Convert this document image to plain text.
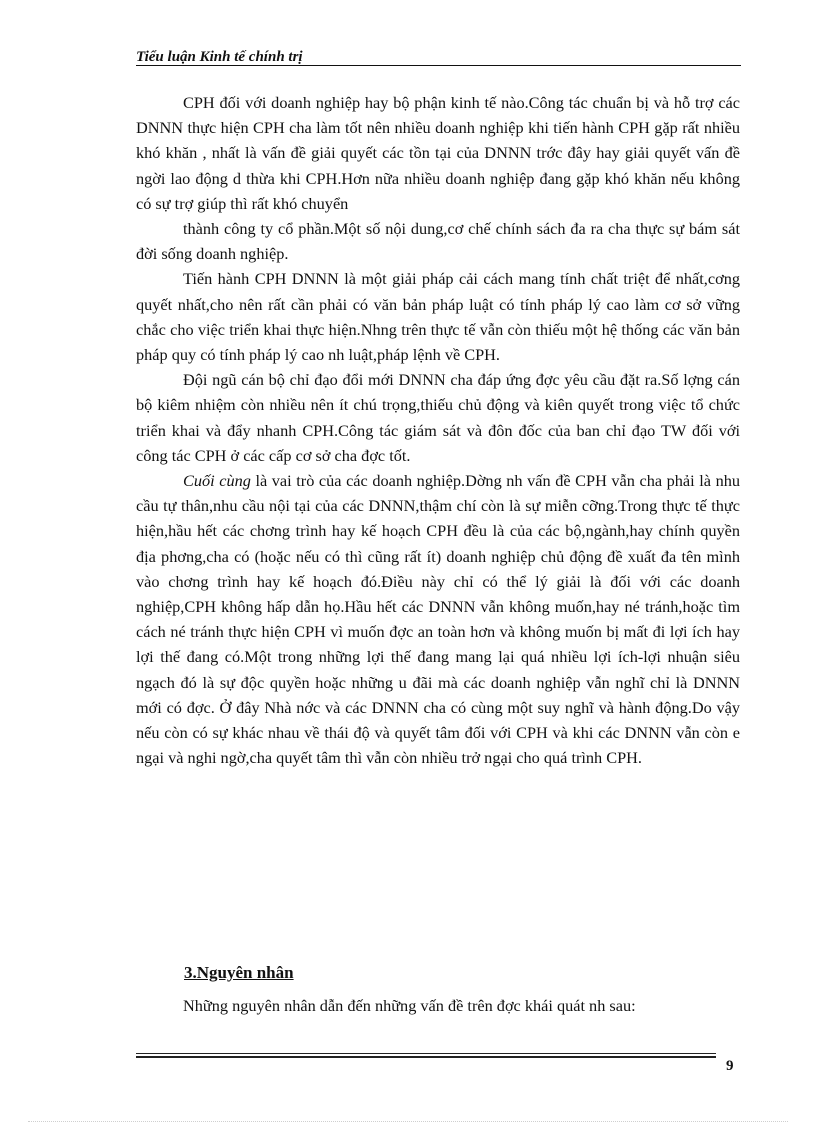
Tiểu luận Kinh tế chính trị

CPH đối với doanh nghiệp hay bộ phận kinh tế nào.Công tác chuẩn bị và hỗ trợ các DNNN thực hiện CPH cha làm tốt nên nhiều doanh nghiệp khi tiến hành CPH gặp rất nhiều khó khăn , nhất là vấn đề giải quyết các tồn tại của DNNN trớc đây hay giải quyết vấn đề ngời lao động d thừa khi CPH.Hơn nữa nhiều doanh nghiệp đang gặp khó khăn nếu không có sự trợ giúp thì rất khó chuyển

thành công ty cổ phần.Một số nội dung,cơ chế chính sách đa ra cha thực sự bám sát đời sống doanh nghiệp.

Tiến hành CPH DNNN là một giải pháp cải cách mang tính chất triệt để nhất,cơng quyết nhất,cho nên rất cần phải có văn bản pháp luật có tính pháp lý cao làm cơ sở vững chắc cho việc triển khai thực hiện.Nhng trên thực tế vẫn còn thiếu một hệ thống các văn bản pháp quy có tính pháp lý cao nh luật,pháp lệnh về CPH.

Đội ngũ cán bộ chỉ đạo đổi mới DNNN cha đáp ứng đợc yêu cầu đặt ra.Số lợng cán bộ kiêm nhiệm còn nhiều nên ít chú trọng,thiếu chủ động và kiên quyết trong việc tổ chức triển khai và đẩy nhanh CPH.Công tác giám sát và đôn đốc của ban chỉ đạo TW đối với công tác CPH ở các cấp cơ sở cha đợc tốt.

Cuối cùng là vai trò của các doanh nghiệp.Dờng nh vấn đề CPH vẫn cha phải là nhu cầu tự thân,nhu cầu nội tại của các DNNN,thậm chí còn là sự miễn cỡng.Trong thực tế thực hiện,hầu hết các chơng trình hay kế hoạch CPH đều là của các bộ,ngành,hay chính quyền địa phơng,cha có (hoặc nếu có thì cũng rất ít) doanh nghiệp chủ động đề xuất đa tên mình vào chơng trình hay kế hoạch đó.Điều này chỉ có thể lý giải là đối với các doanh nghiệp,CPH không hấp dẫn họ.Hầu hết các DNNN vẫn không muốn,hay né tránh,hoặc tìm cách né tránh thực hiện CPH vì muốn đợc an toàn hơn và không muốn bị mất đi lợi ích hay lợi thế đang có.Một trong những lợi thế đang mang lại quá nhiều lợi ích-lợi nhuận siêu ngạch đó là sự độc quyền hoặc những u đãi mà các doanh nghiệp vẫn nghĩ chỉ là DNNN mới có đợc. Ở đây Nhà nớc và các DNNN cha có cùng một suy nghĩ và hành động.Do vậy nếu còn có sự khác nhau về thái độ và quyết tâm đối với CPH và khi các DNNN vẫn còn e ngại và nghi ngờ,cha quyết tâm thì vẫn còn nhiều trở ngại cho quá trình CPH.

3.Nguyên nhân
Những nguyên nhân dẫn đến những vấn đề trên đợc khái quát nh sau:
9
